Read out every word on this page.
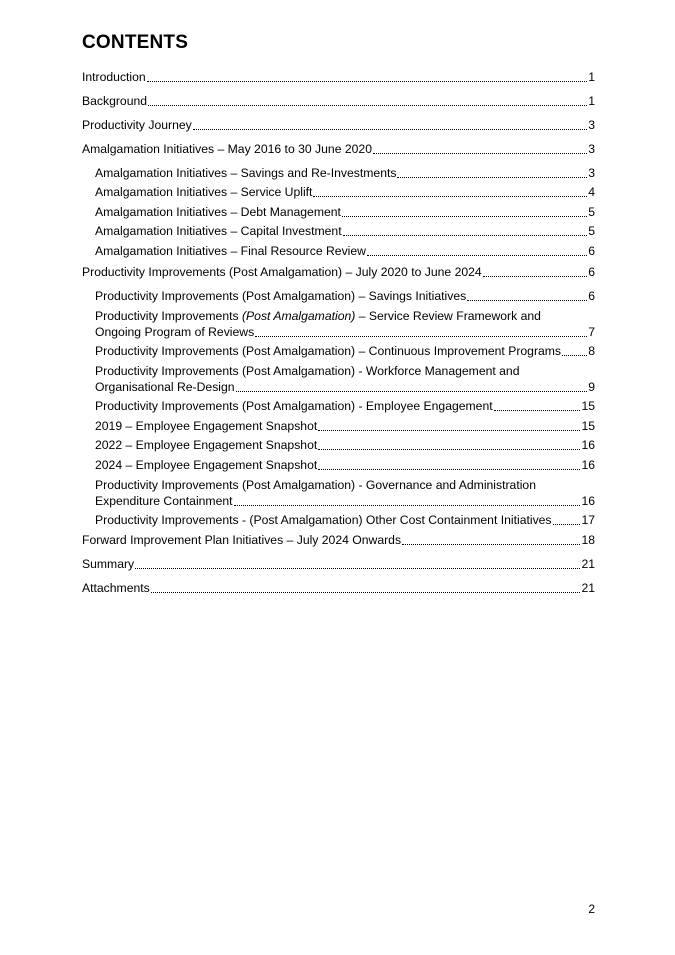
CONTENTS
Introduction	1
Background	1
Productivity Journey	3
Amalgamation Initiatives – May 2016 to 30 June 2020	3
Amalgamation Initiatives – Savings and Re-Investments	3
Amalgamation Initiatives – Service Uplift	4
Amalgamation Initiatives – Debt Management	5
Amalgamation Initiatives – Capital Investment	5
Amalgamation Initiatives – Final Resource Review	6
Productivity Improvements (Post Amalgamation) – July 2020 to June 2024	6
Productivity Improvements (Post Amalgamation) – Savings Initiatives	6
Productivity Improvements (Post Amalgamation) – Service Review Framework and
Ongoing Program of Reviews	7
Productivity Improvements (Post Amalgamation) – Continuous Improvement Programs 8
Productivity Improvements (Post Amalgamation) - Workforce Management and
Organisational Re-Design	9
Productivity Improvements (Post Amalgamation) - Employee Engagement	15
2019 – Employee Engagement Snapshot	15
2022 – Employee Engagement Snapshot	16
2024 – Employee Engagement Snapshot	16
Productivity Improvements (Post Amalgamation) - Governance and Administration
Expenditure Containment	16
Productivity Improvements - (Post Amalgamation) Other Cost Containment Initiatives 17
Forward Improvement Plan Initiatives – July 2024 Onwards	18
Summary	21
Attachments	21
2
